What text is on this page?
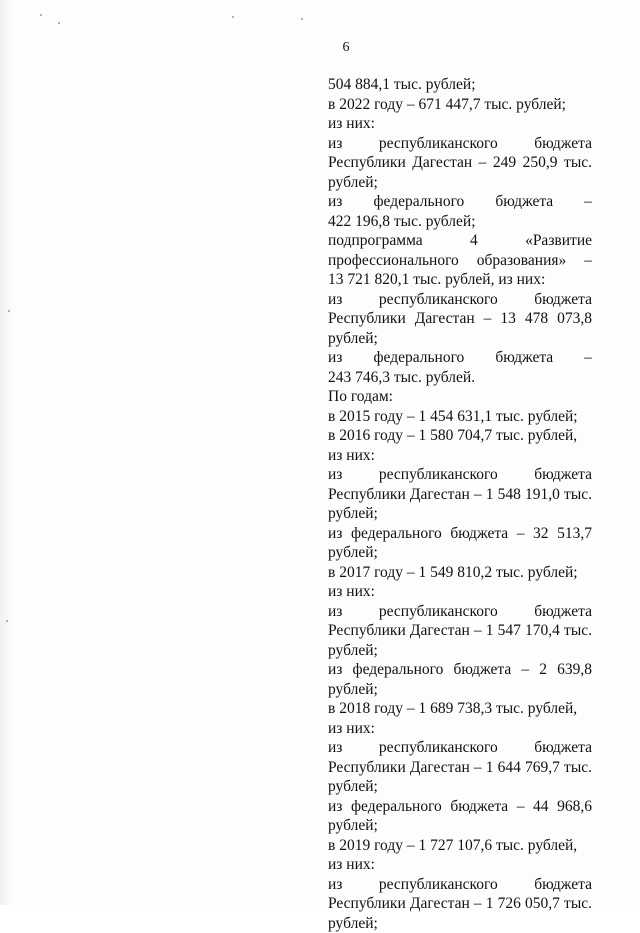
6
504 884,1 тыс. рублей;
в 2022 году – 671 447,7 тыс. рублей;
из них:
из республиканского бюджета
Республики Дагестан – 249 250,9 тыс.
рублей;
из федерального бюджета –
422 196,8 тыс. рублей;
подпрограмма 4 «Развитие
профессионального образования» –
13 721 820,1 тыс. рублей, из них:
из республиканского бюджета
Республики Дагестан – 13 478 073,8
рублей;
из федерального бюджета –
243 746,3 тыс. рублей.
По годам:
в 2015 году – 1 454 631,1 тыс. рублей;
в 2016 году – 1 580 704,7 тыс. рублей,
из них:
из республиканского бюджета
Республики Дагестан – 1 548 191,0 тыс.
рублей;
из федерального бюджета – 32 513,7
рублей;
в 2017 году – 1 549 810,2 тыс. рублей;
из них:
из республиканского бюджета
Республики Дагестан – 1 547 170,4 тыс.
рублей;
из федерального бюджета – 2 639,8
рублей;
в 2018 году – 1 689 738,3 тыс. рублей,
из них:
из республиканского бюджета
Республики Дагестан – 1 644 769,7 тыс.
рублей;
из федерального бюджета – 44 968,6
рублей;
в 2019 году – 1 727 107,6 тыс. рублей,
из них:
из республиканского бюджета
Республики Дагестан – 1 726 050,7 тыс.
рублей;
